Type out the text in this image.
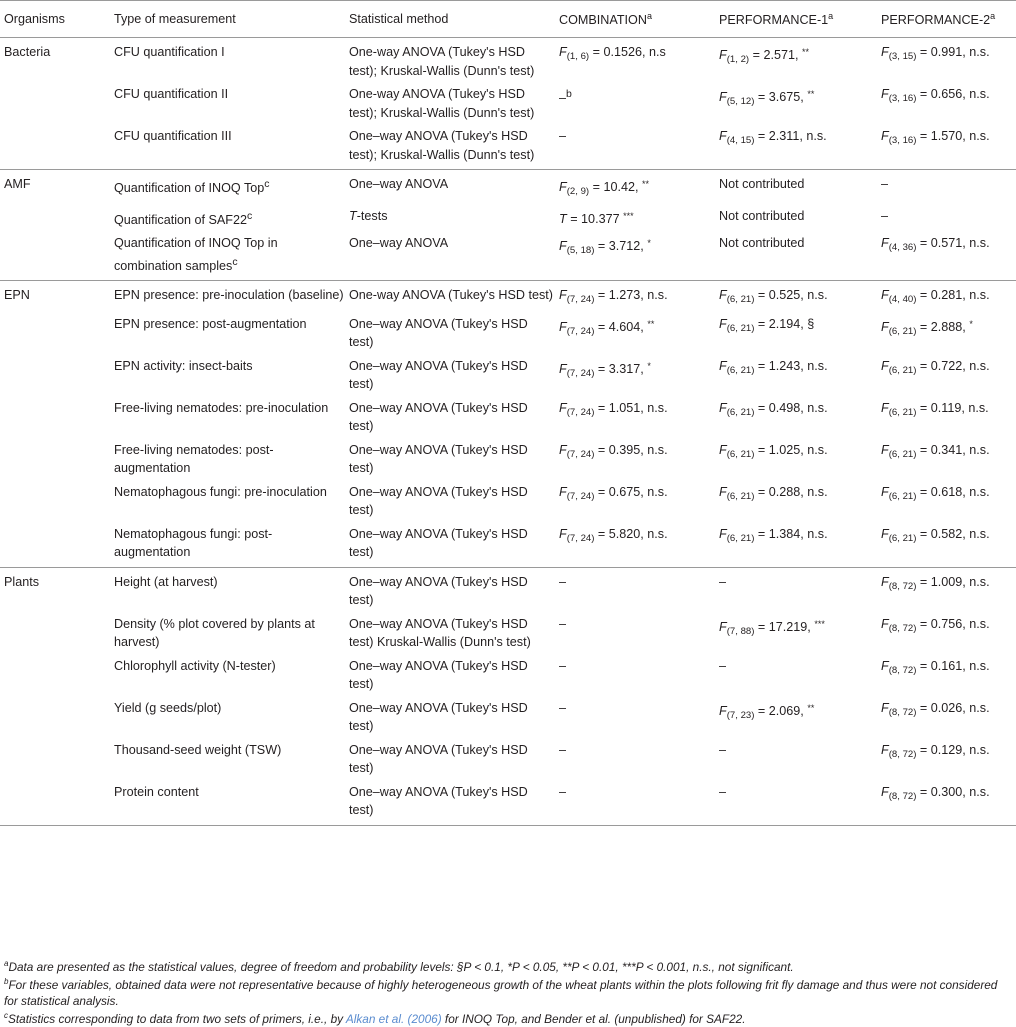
Organisms	Type of measurement	Statistical method	COMBINATION$^a$	PERFORMANCE-1$^a$	PERFORMANCE-2$^a$
Bacteria	CFU quantification I	One-way ANOVA (Tukey's HSD test); Kruskal-Wallis (Dunn's test)	$F_{(1, 6)} = 0.1526$, n.s	$F_{(1, 2)} = 2.571$, **	$F_{(3, 15)} = 0.991$, n.s.

	CFU quantification II	One-way ANOVA (Tukey's HSD test); Kruskal-Wallis (Dunn's test)	–$^b$	$F_{(5, 12)} = 3.675$, **	$F_{(3, 16)} = 0.656$, n.s.

	CFU quantification III	One–way ANOVA (Tukey's HSD test); Kruskal-Wallis (Dunn's test)	–	$F_{(4, 15)} = 2.311$, n.s.	$F_{(3, 16)} = 1.570$, n.s.

AMF	Quantification of INOQ Top$^c$	One–way ANOVA	$F_{(2, 9)} = 10.42$, **	Not contributed	–

	Quantification of SAF22$^c$	T-tests	T = 10.377 ***	Not contributed	–

	Quantification of INOQ Top in combination samples$^c$	One–way ANOVA	$F_{(5, 18)} = 3.712$, *	Not contributed	$F_{(4, 36)} = 0.571$, n.s.

EPN	EPN presence: pre-inoculation (baseline)	One-way ANOVA (Tukey's HSD test)	$F_{(7, 24)} = 1.273$, n.s.	$F_{(6, 21)} = 0.525$, n.s.	$F_{(4, 40)} = 0.281$, n.s.

	EPN presence: post-augmentation	One–way ANOVA (Tukey's HSD test)	$F_{(7, 24)} = 4.604$, **	$F_{(6, 21)} = 2.194$, §	$F_{(6, 21)} = 2.888$, *

	EPN activity: insect-baits	One–way ANOVA (Tukey's HSD test)	$F_{(7, 24)} = 3.317$, *	$F_{(6, 21)} = 1.243$, n.s.	$F_{(6, 21)} = 0.722$, n.s.

	Free-living nematodes: pre-inoculation	One–way ANOVA (Tukey's HSD test)	$F_{(7, 24)} = 1.051$, n.s.	$F_{(6, 21)} = 0.498$, n.s.	$F_{(6, 21)} = 0.119$, n.s.

	Free-living nematodes: post-augmentation	One–way ANOVA (Tukey's HSD test)	$F_{(7, 24)} = 0.395$, n.s.	$F_{(6, 21)} = 1.025$, n.s.	$F_{(6, 21)} = 0.341$, n.s.

	Nematophagous fungi: pre-inoculation	One–way ANOVA (Tukey's HSD test)	$F_{(7, 24)} = 0.675$, n.s.	$F_{(6, 21)} = 0.288$, n.s.	$F_{(6, 21)} = 0.618$, n.s.

	Nematophagous fungi: post-augmentation	One–way ANOVA (Tukey's HSD test)	$F_{(7, 24)} = 5.820$, n.s.	$F_{(6, 21)} = 1.384$, n.s.	$F_{(6, 21)} = 0.582$, n.s.

Plants	Height (at harvest)	One–way ANOVA (Tukey's HSD test)	–	–	$F_{(8, 72)} = 1.009$, n.s.

	Density (% plot covered by plants at harvest)	One–way ANOVA (Tukey's HSD test) Kruskal-Wallis (Dunn's test)	–	$F_{(7, 88)} = 17.219$, ***	$F_{(8, 72)} = 0.756$, n.s.

	Chlorophyll activity (N-tester)	One–way ANOVA (Tukey's HSD test)	–	–	$F_{(8, 72)} = 0.161$, n.s.

	Yield (g seeds/plot)	One–way ANOVA (Tukey's HSD test)	–	$F_{(7, 23)} = 2.069$, **	$F_{(8, 72)} = 0.026$, n.s.

	Thousand-seed weight (TSW)	One–way ANOVA (Tukey's HSD test)	–	–	$F_{(8, 72)} = 0.129$, n.s.

	Protein content	One–way ANOVA (Tukey's HSD test)	–	–	$F_{(8, 72)} = 0.300$, n.s.
$^a$Data are presented as the statistical values, degree of freedom and probability levels: §P < 0.1, *P < 0.05, **P < 0.01, ***P < 0.001, n.s., not significant.
$^b$For these variables, obtained data were not representative because of highly heterogeneous growth of the wheat plants within the plots following frit fly damage and thus were not considered for statistical analysis.
$^c$Statistics corresponding to data from two sets of primers, i.e., by Alkan et al. (2006) for INOQ Top, and Bender et al. (unpublished) for SAF22.
